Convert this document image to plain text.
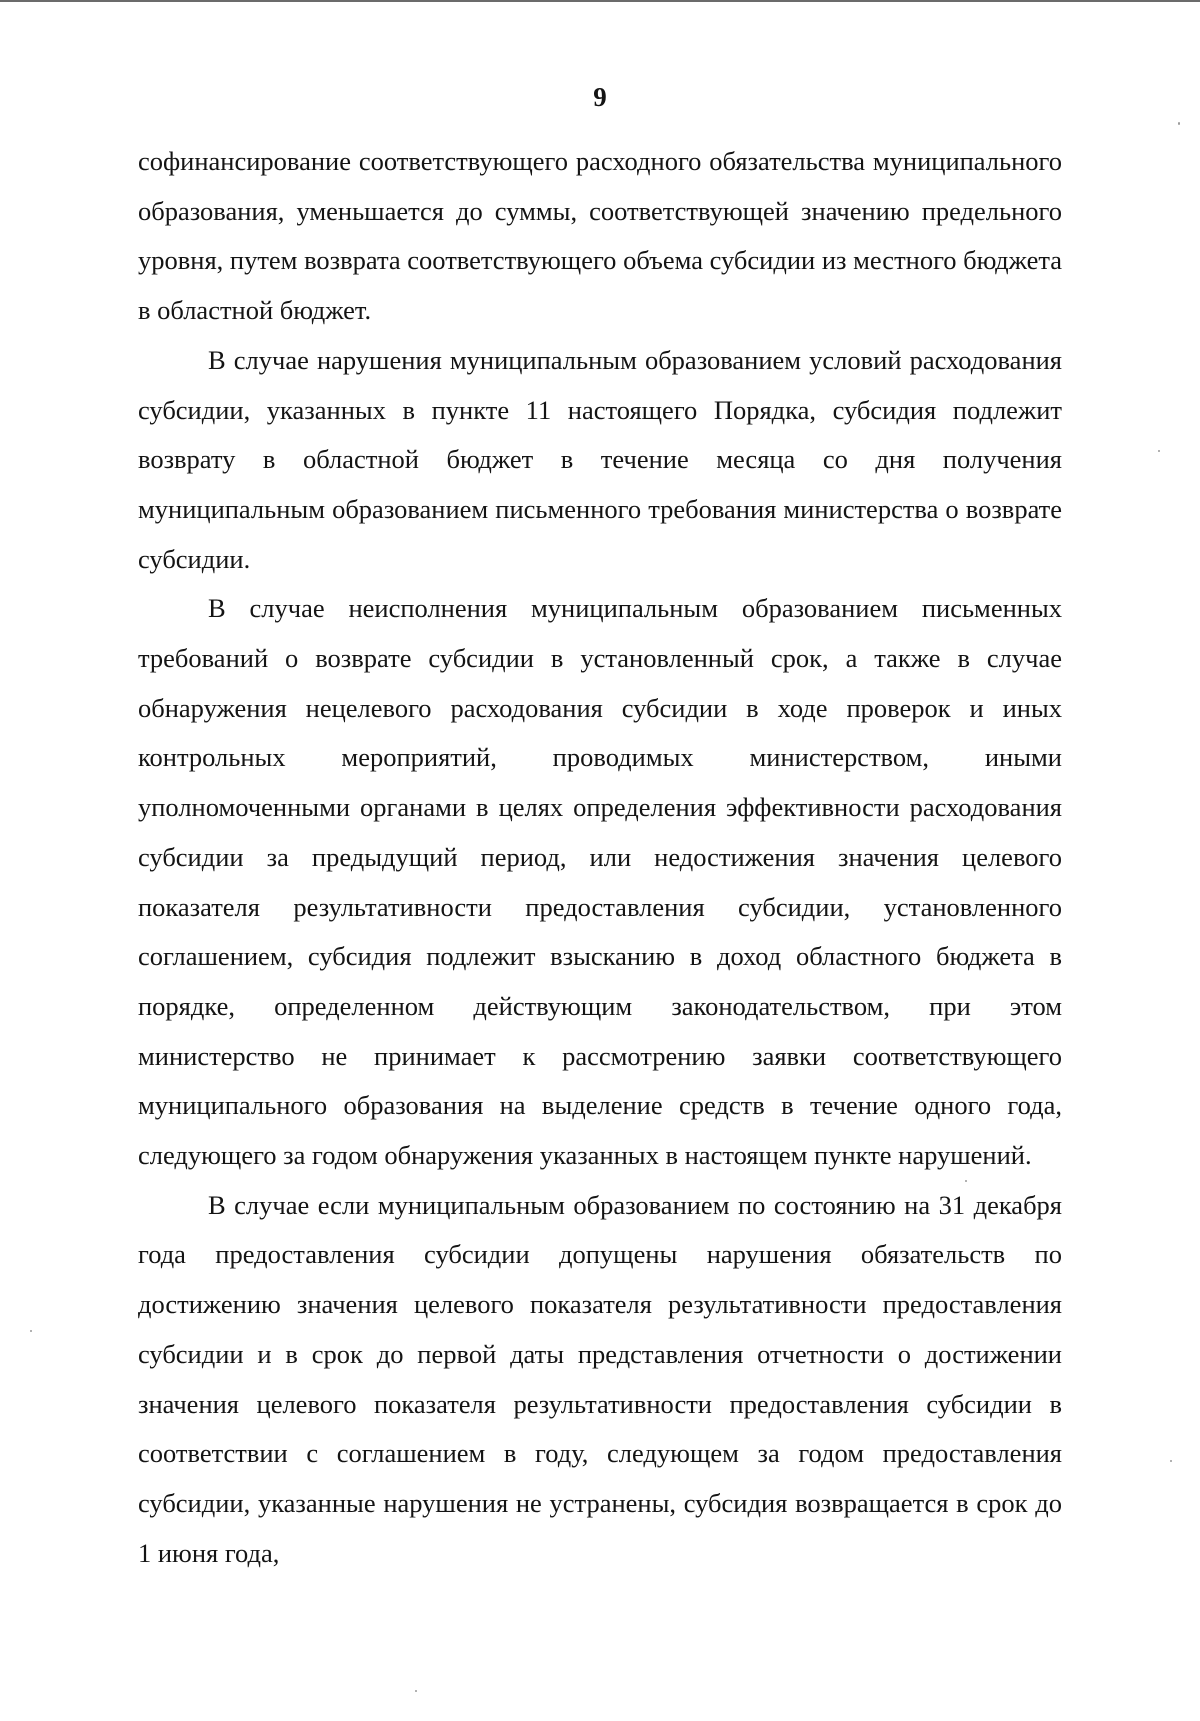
9

софинансирование соответствующего расходного обязательства муниципального образования, уменьшается до суммы, соответствующей значению предельного уровня, путем возврата соответствующего объема субсидии из местного бюджета в областной бюджет.

В случае нарушения муниципальным образованием условий расходования субсидии, указанных в пункте 11 настоящего Порядка, субсидия подлежит возврату в областной бюджет в течение месяца со дня получения муниципальным образованием письменного требования министерства о возврате субсидии.

В случае неисполнения муниципальным образованием письменных требований о возврате субсидии в установленный срок, а также в случае обнаружения нецелевого расходования субсидии в ходе проверок и иных контрольных мероприятий, проводимых министерством, иными уполномоченными органами в целях определения эффективности расходования субсидии за предыдущий период, или недостижения значения целевого показателя результативности предоставления субсидии, установленного соглашением, субсидия подлежит взысканию в доход областного бюджета в порядке, определенном действующим законодательством, при этом министерство не принимает к рассмотрению заявки соответствующего муниципального образования на выделение средств в течение одного года, следующего за годом обнаружения указанных в настоящем пункте нарушений.

В случае если муниципальным образованием по состоянию на 31 декабря года предоставления субсидии допущены нарушения обязательств по достижению значения целевого показателя результативности предоставления субсидии и в срок до первой даты представления отчетности о достижении значения целевого показателя результативности предоставления субсидии в соответствии с соглашением в году, следующем за годом предоставления субсидии, указанные нарушения не устранены, субсидия возвращается в срок до 1 июня года,
